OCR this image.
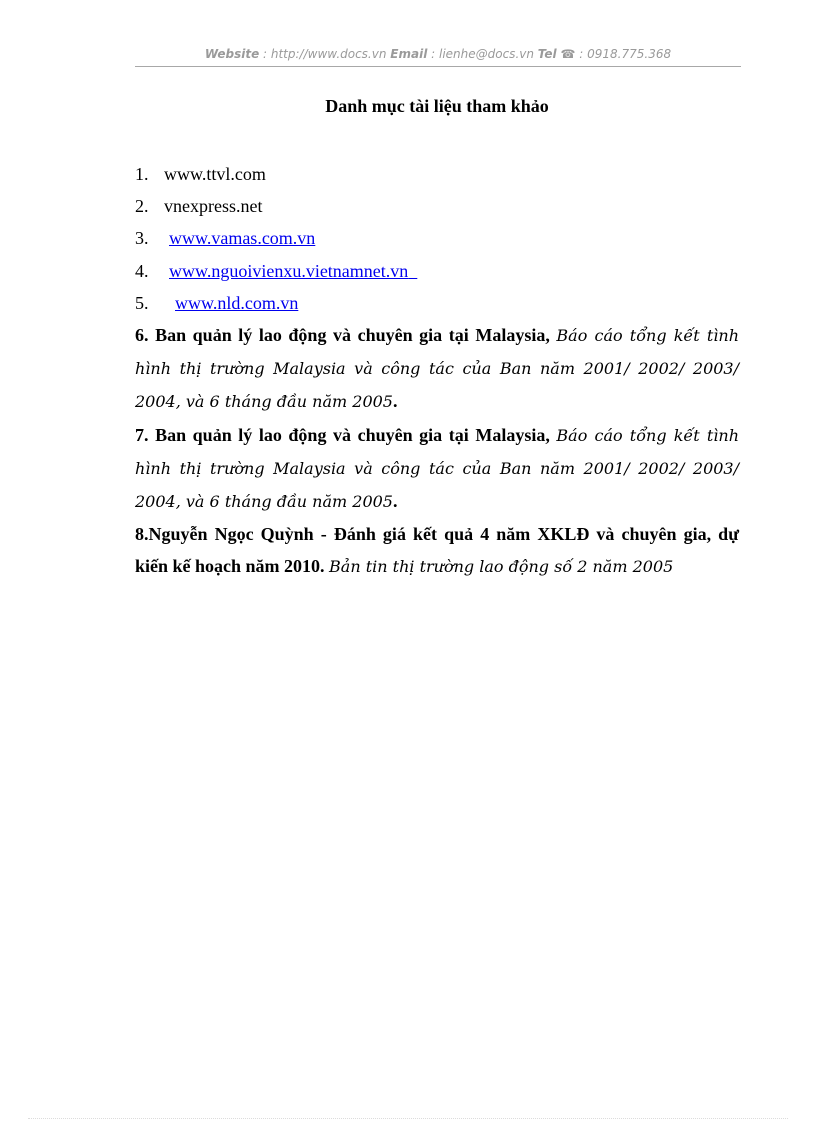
Website : http://www.docs.vn Email : lienhe@docs.vn Tel ☎ : 0918.775.368
Danh mục tài liệu tham khảo
1. www.ttvl.com
2. vnexpress.net
3. www.vamas.com.vn
4. www.nguoivienxu.vietnamnet.vn
5. www.nld.com.vn
6. Ban quản lý lao động và chuyên gia tại Malaysia, Báo cáo tổng kết tình hình thị trường Malaysia và công tác của Ban năm 2001/ 2002/ 2003/ 2004, và 6 tháng đầu năm 2005.
7. Ban quản lý lao động và chuyên gia tại Malaysia, Báo cáo tổng kết tình hình thị trường Malaysia và công tác của Ban năm 2001/ 2002/ 2003/ 2004, và 6 tháng đầu năm 2005.
8.Nguyễn Ngọc Quỳnh - Đánh giá kết quả 4 năm XKLĐ và chuyên gia, dự kiến kế hoạch năm 2010. Bản tin thị trường lao động số 2 năm 2005
